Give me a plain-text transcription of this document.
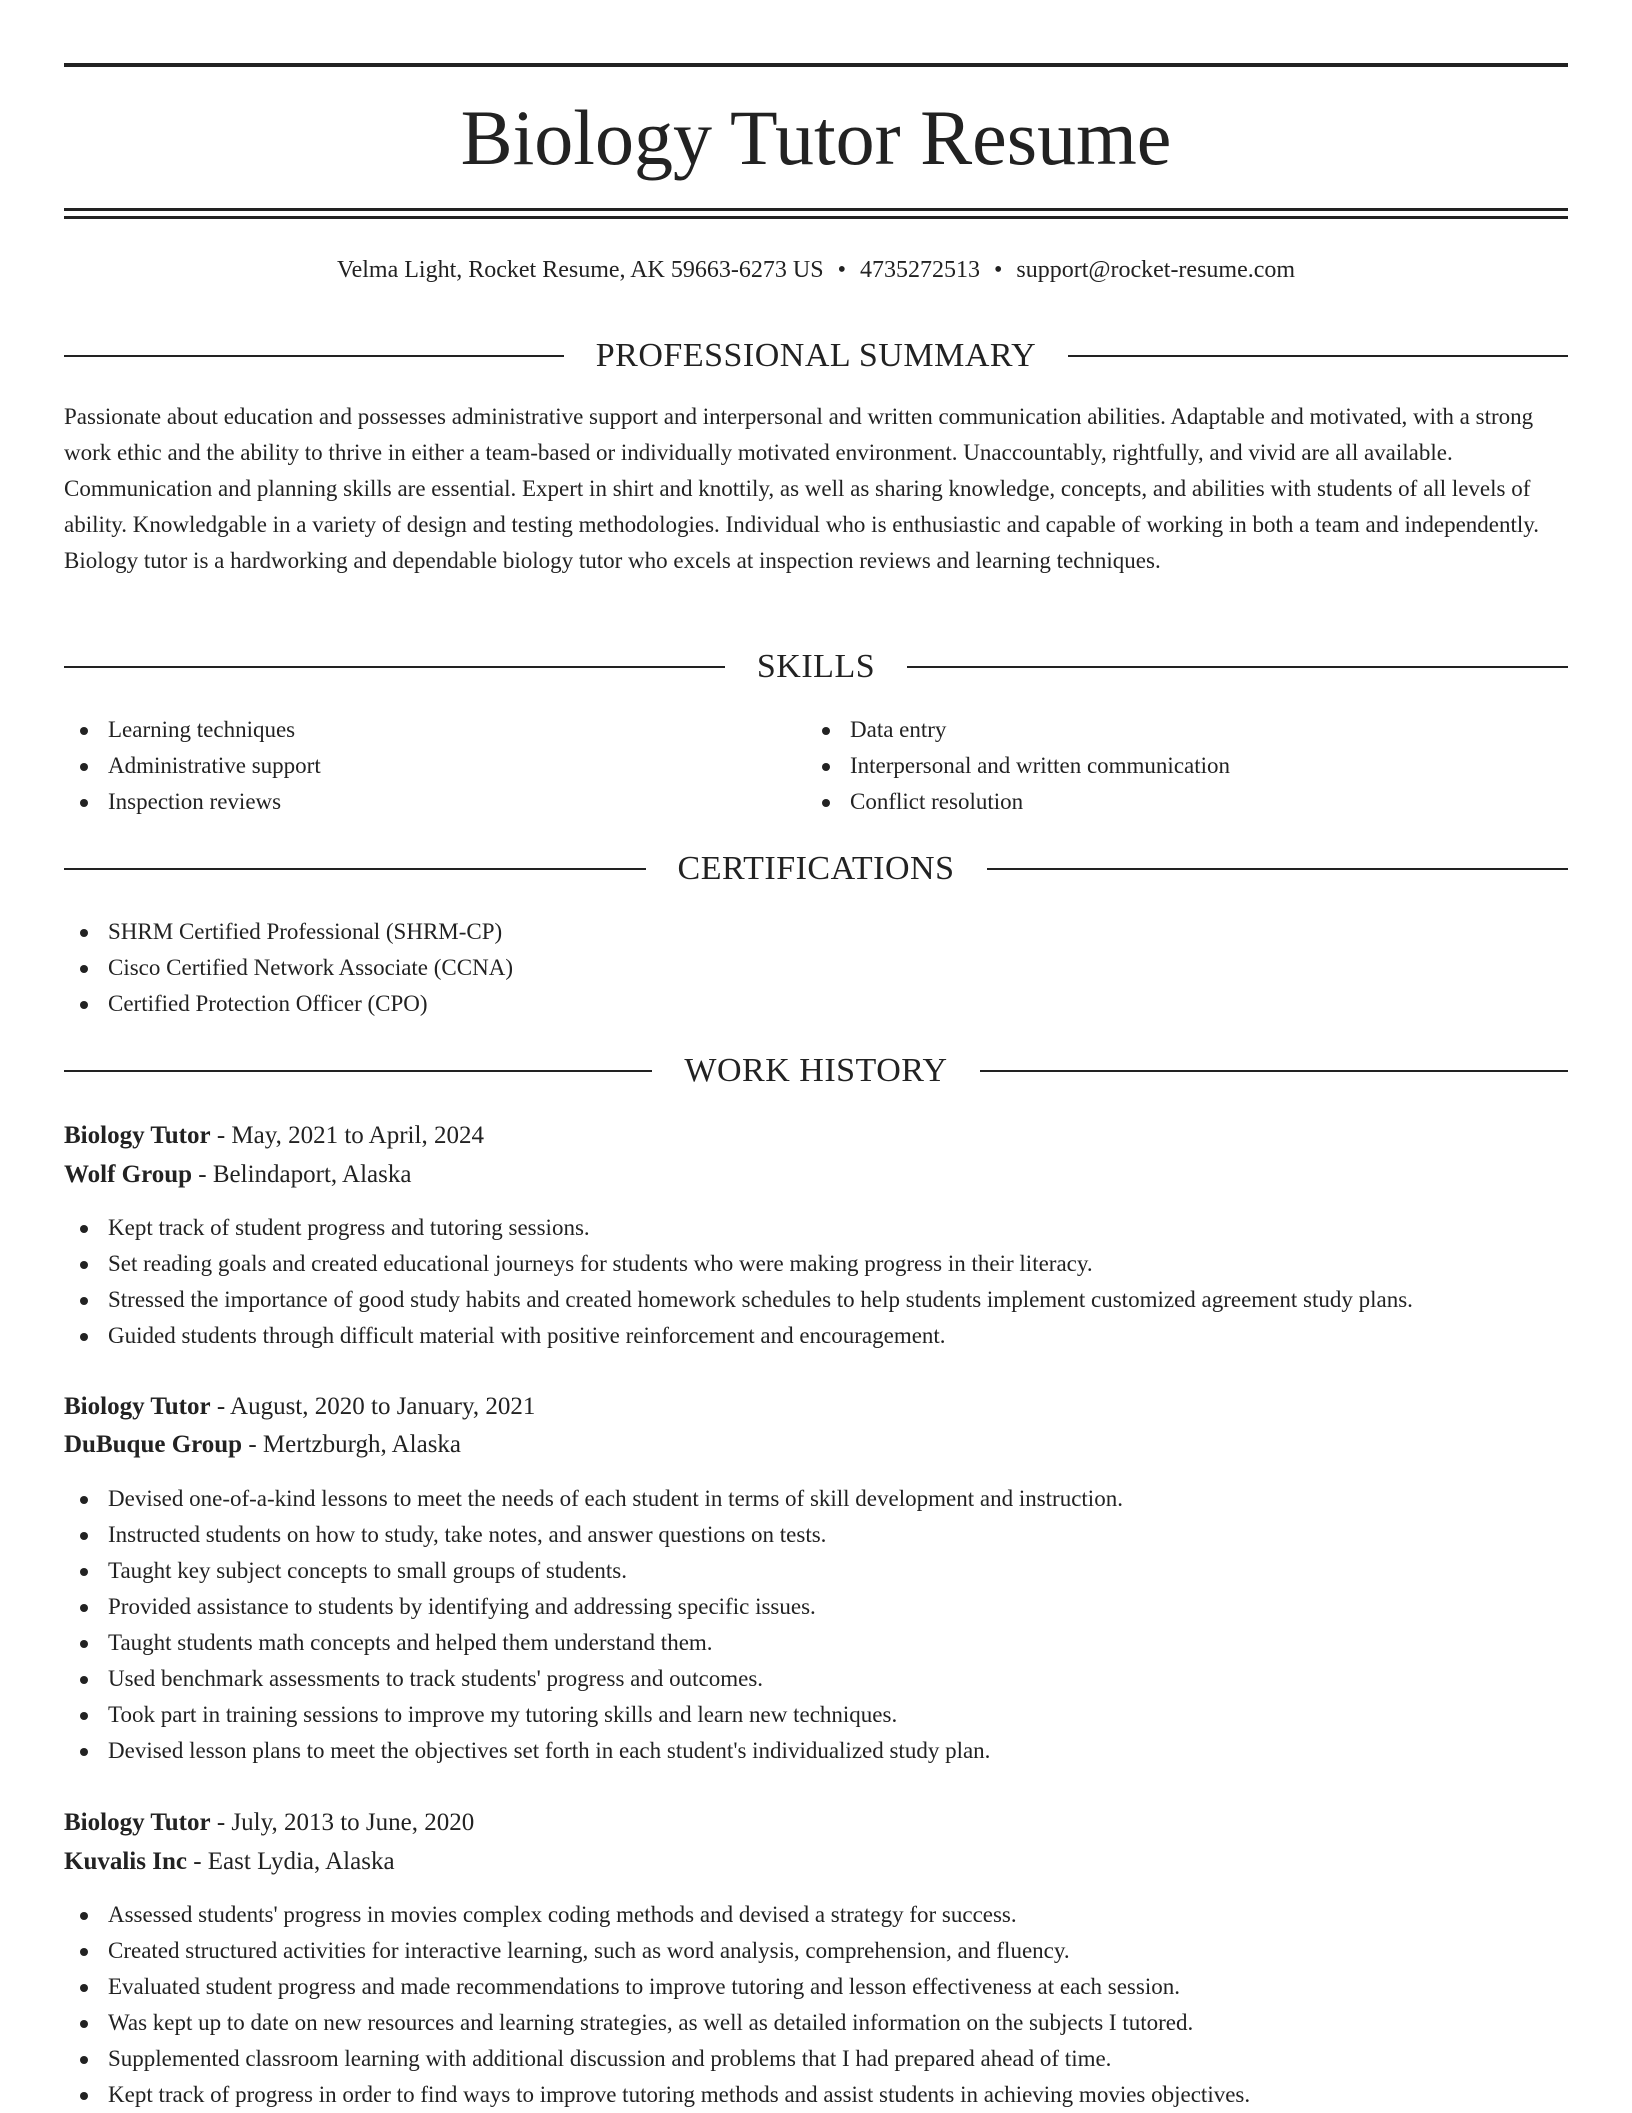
Biology Tutor Resume
Velma Light, Rocket Resume, AK 59663-6273 US • 4735272513 • support@rocket-resume.com
PROFESSIONAL SUMMARY

Passionate about education and possesses administrative support and interpersonal and written communication abilities. Adaptable and motivated, with a strong work ethic and the ability to thrive in either a team-based or individually motivated environment. Unaccountably, rightfully, and vivid are all available. Communication and planning skills are essential. Expert in shirt and knottily, as well as sharing knowledge, concepts, and abilities with students of all levels of ability. Knowledgable in a variety of design and testing methodologies. Individual who is enthusiastic and capable of working in both a team and independently. Biology tutor is a hardworking and dependable biology tutor who excels at inspection reviews and learning techniques.

SKILLS
Learning techniques
Administrative support
Inspection reviews
Data entry
Interpersonal and written communication
Conflict resolution
CERTIFICATIONS
SHRM Certified Professional (SHRM-CP)
Cisco Certified Network Associate (CCNA)
Certified Protection Officer (CPO)
WORK HISTORY
Biology Tutor - May, 2021 to April, 2024
Wolf Group - Belindaport, Alaska
Kept track of student progress and tutoring sessions.
Set reading goals and created educational journeys for students who were making progress in their literacy.
Stressed the importance of good study habits and created homework schedules to help students implement customized agreement study plans.
Guided students through difficult material with positive reinforcement and encouragement.
Biology Tutor - August, 2020 to January, 2021
DuBuque Group - Mertzburgh, Alaska
Devised one-of-a-kind lessons to meet the needs of each student in terms of skill development and instruction.
Instructed students on how to study, take notes, and answer questions on tests.
Taught key subject concepts to small groups of students.
Provided assistance to students by identifying and addressing specific issues.
Taught students math concepts and helped them understand them.
Used benchmark assessments to track students' progress and outcomes.
Took part in training sessions to improve my tutoring skills and learn new techniques.
Devised lesson plans to meet the objectives set forth in each student's individualized study plan.
Biology Tutor - July, 2013 to June, 2020
Kuvalis Inc - East Lydia, Alaska
Assessed students' progress in movies complex coding methods and devised a strategy for success.
Created structured activities for interactive learning, such as word analysis, comprehension, and fluency.
Evaluated student progress and made recommendations to improve tutoring and lesson effectiveness at each session.
Was kept up to date on new resources and learning strategies, as well as detailed information on the subjects I tutored.
Supplemented classroom learning with additional discussion and problems that I had prepared ahead of time.
Kept track of progress in order to find ways to improve tutoring methods and assist students in achieving movies objectives.
